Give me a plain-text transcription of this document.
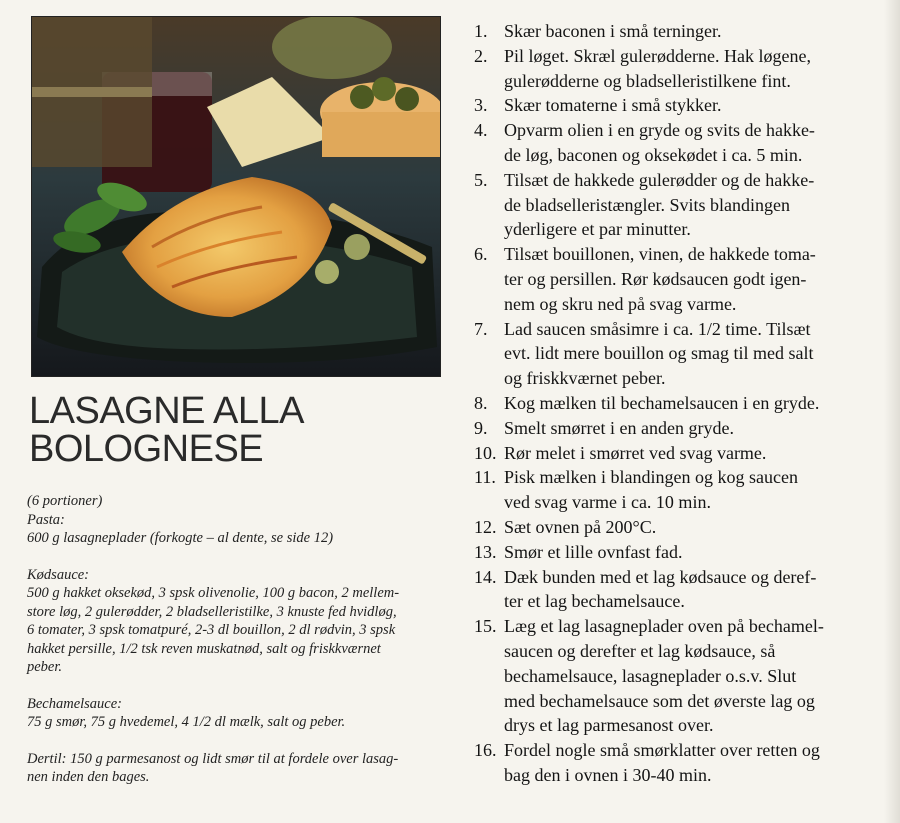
LASAGNE ALLA
BOLOGNESE

(6 portioner)

Pasta:

600 g lasagneplader (forkogte – al dente, se side 12)

Kødsauce:

500 g hakket oksekød, 3 spsk olivenolie, 100 g bacon, 2 mellem-

store løg, 2 gulerødder, 2 bladselleristilke, 3 knuste fed hvidløg,

6 tomater, 3 spsk tomatpuré, 2-3 dl bouillon, 2 dl rødvin, 3 spsk

hakket persille, 1/2 tsk reven muskatnød, salt og friskkværnet

peber.

Bechamelsauce:

75 g smør, 75 g hvedemel, 4 1/2 dl mælk, salt og peber.

Dertil: 150 g parmesanost og lidt smør til at fordele over lasag-

nen inden den bages.

1. Skær baconen i små terninger.
2. Pil løget. Skræl gulerødderne. Hak løgene,
gulerødderne og bladselleristilkene fint.
3. Skær tomaterne i små stykker.
4. Opvarm olien i en gryde og svits de hakke-
de løg, baconen og oksekødet i ca. 5 min.
5. Tilsæt de hakkede gulerødder og de hakke-
de bladselleristængler. Svits blandingen
yderligere et par minutter.
6. Tilsæt bouillonen, vinen, de hakkede toma-
ter og persillen. Rør kødsaucen godt igen-
nem og skru ned på svag varme.
7. Lad saucen småsimre i ca. 1/2 time. Tilsæt
evt. lidt mere bouillon og smag til med salt
og friskkværnet peber.
8. Kog mælken til bechamelsaucen i en gryde.
9. Smelt smørret i en anden gryde.
10. Rør melet i smørret ved svag varme.
11. Pisk mælken i blandingen og kog saucen
ved svag varme i ca. 10 min.
12. Sæt ovnen på 200°C.
13. Smør et lille ovnfast fad.
14. Dæk bunden med et lag kødsauce og deref-
ter et lag bechamelsauce.
15. Læg et lag lasagneplader oven på bechamel-
saucen og derefter et lag kødsauce, så
bechamelsauce, lasagneplader o.s.v. Slut
med bechamelsauce som det øverste lag og
drys et lag parmesanost over.
16. Fordel nogle små smørklatter over retten og
bag den i ovnen i 30-40 min.
